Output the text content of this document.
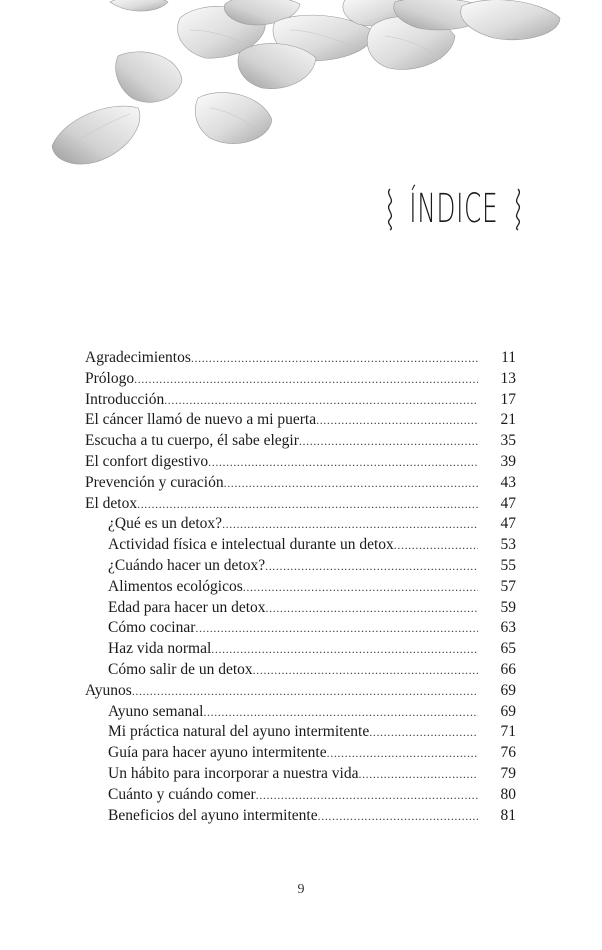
ÍNDICE
Agradecimientos .....	11
Prólogo .....	13
Introducción .....	17
El cáncer llamó de nuevo a mi puerta .....	21
Escucha a tu cuerpo, él sabe elegir .....	35
El confort digestivo .....	39
Prevención y curación .....	43
El detox .....	47
¿Qué es un detox? .....	47
Actividad física e intelectual durante un detox .....	53
¿Cuándo hacer un detox? .....	55
Alimentos ecológicos .....	57
Edad para hacer un detox .....	59
Cómo cocinar .....	63
Haz vida normal .....	65
Cómo salir de un detox .....	66
Ayunos .....	69
Ayuno semanal .....	69
Mi práctica natural del ayuno intermitente .....	71
Guía para hacer ayuno intermitente .....	76
Un hábito para incorporar a nuestra vida .....	79
Cuánto y cuándo comer .....	80
Beneficios del ayuno intermitente .....	81
9
